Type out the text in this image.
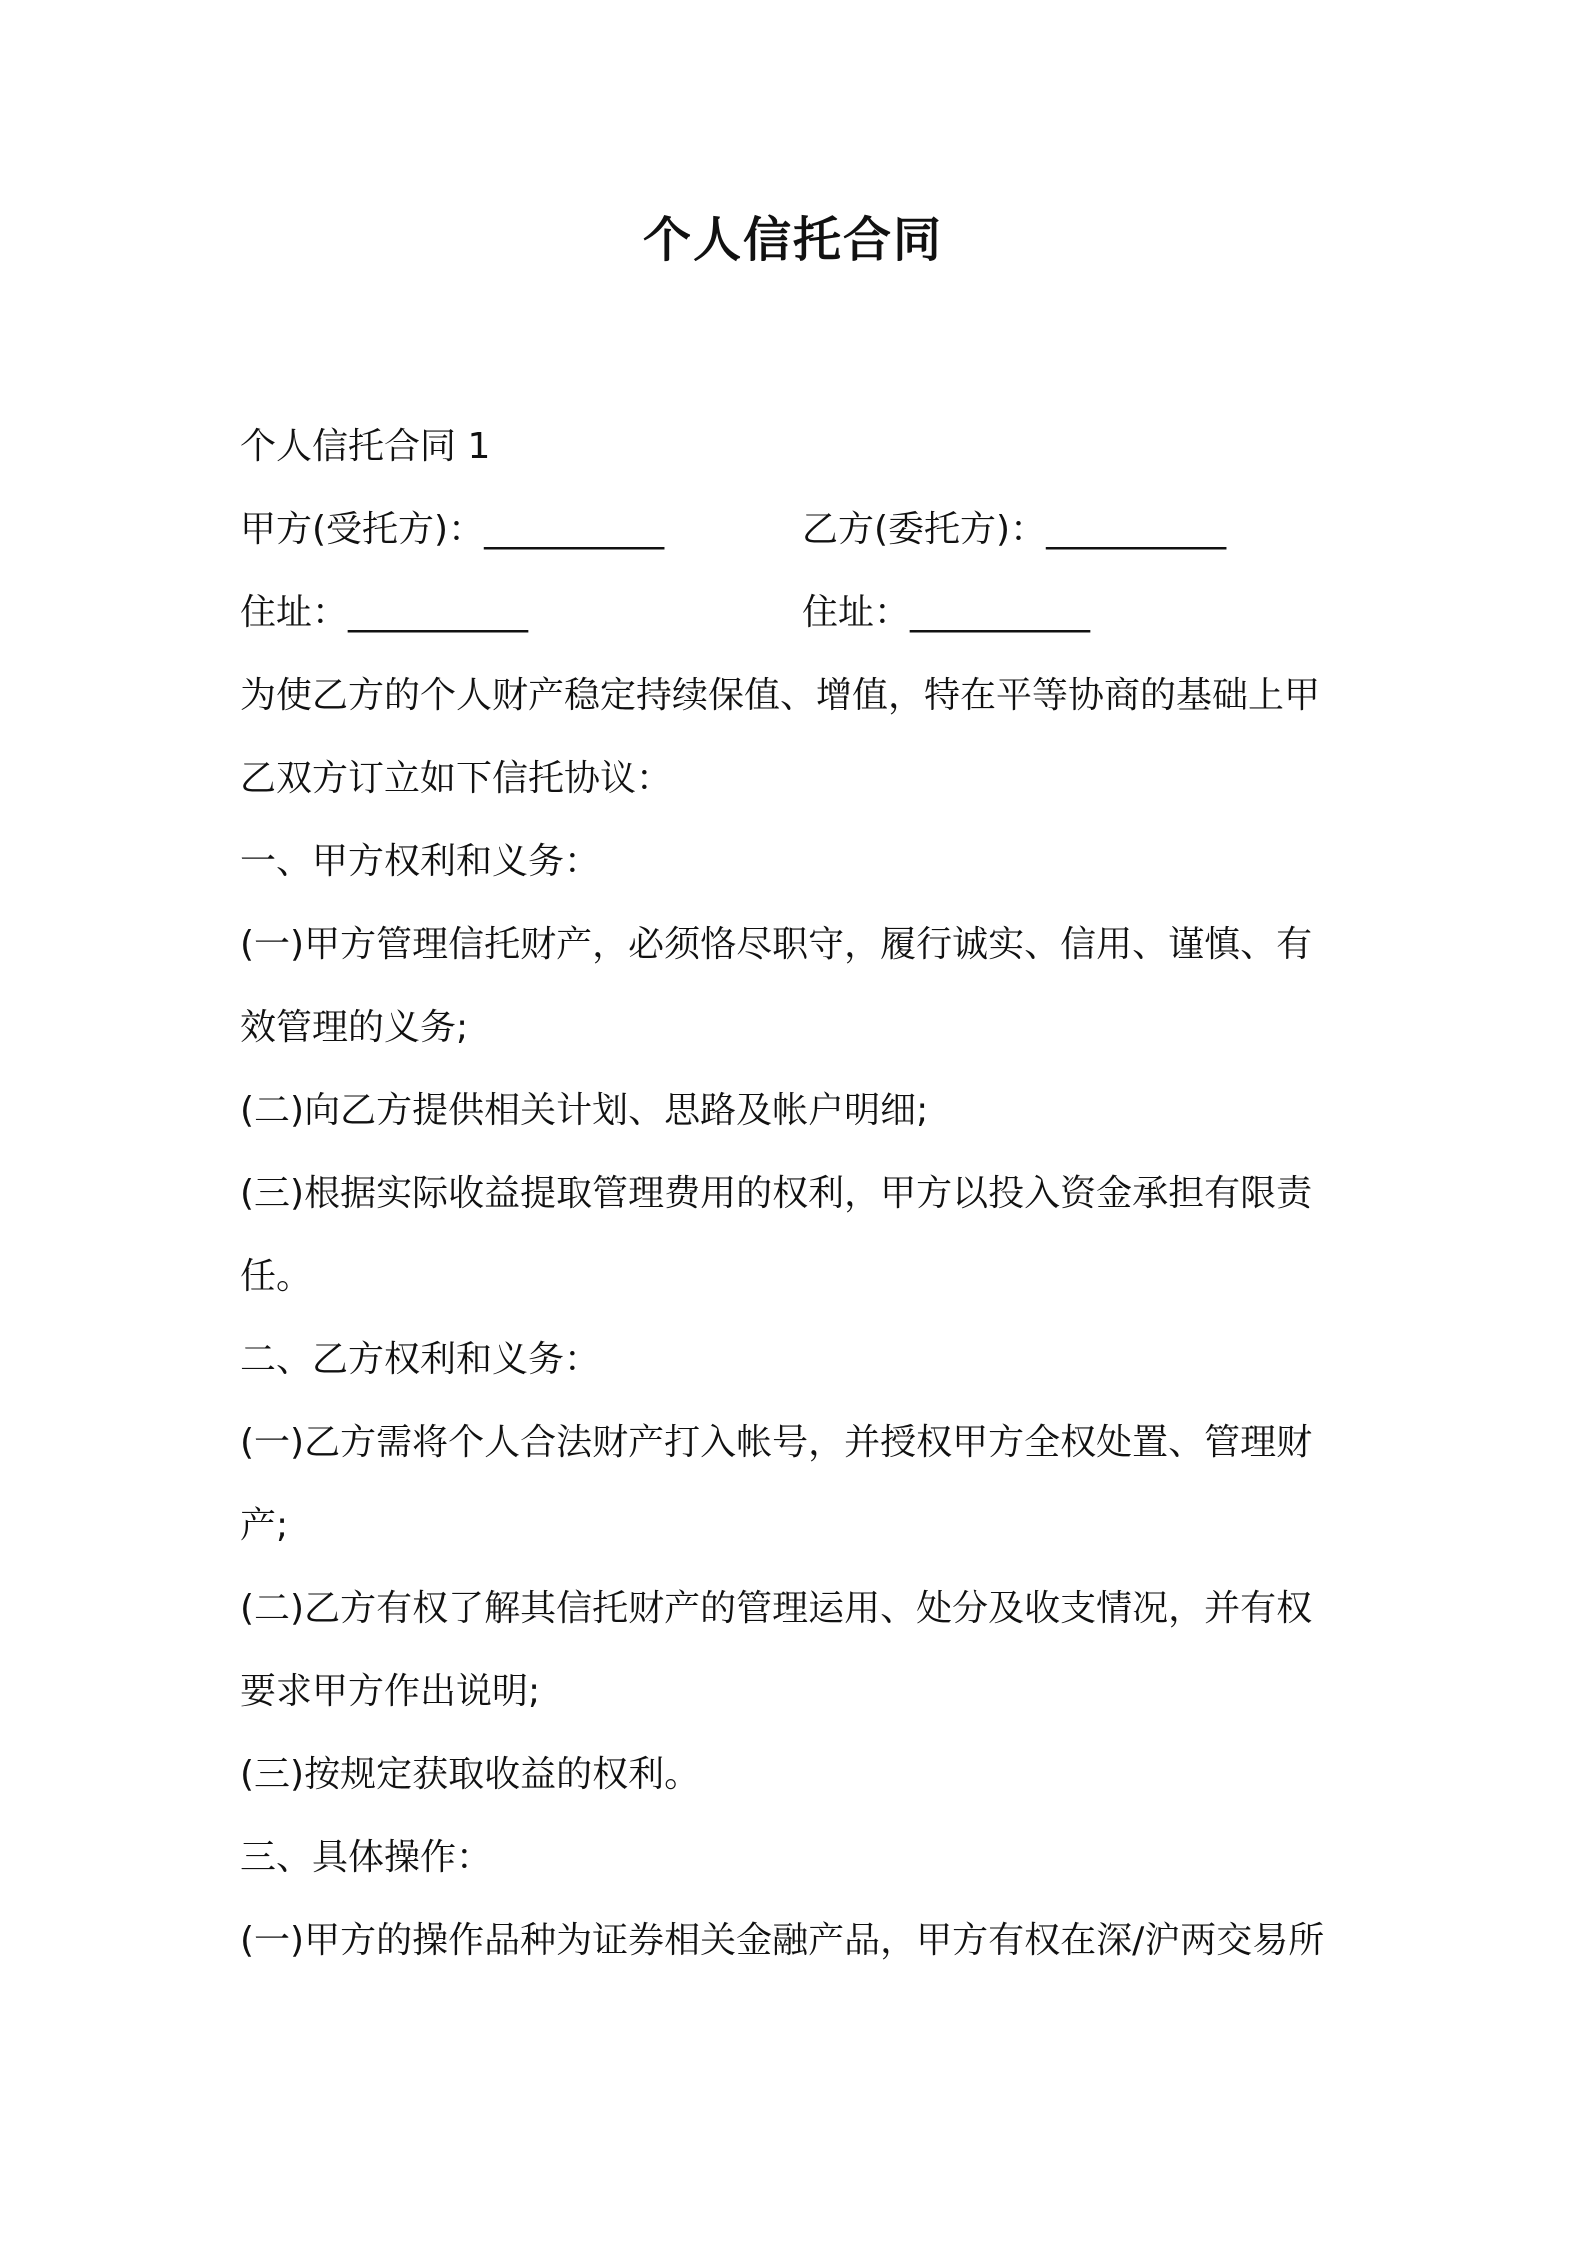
个人信托合同
个人信托合同 1
甲方(受托方)：__________	乙方(委托方)：__________
住址：__________	住址：__________
为使乙方的个人财产稳定持续保值、增值，特在平等协商的基础上甲
乙双方订立如下信托协议：
一、甲方权利和义务：
(一)甲方管理信托财产，必须恪尽职守，履行诚实、信用、谨慎、有
效管理的义务;
(二)向乙方提供相关计划、思路及帐户明细;
(三)根据实际收益提取管理费用的权利，甲方以投入资金承担有限责
任。
二、乙方权利和义务：
(一)乙方需将个人合法财产打入帐号，并授权甲方全权处置、管理财
产;
(二)乙方有权了解其信托财产的管理运用、处分及收支情况，并有权
要求甲方作出说明;
(三)按规定获取收益的权利。
三、具体操作：
(一)甲方的操作品种为证券相关金融产品，甲方有权在深/沪两交易所
